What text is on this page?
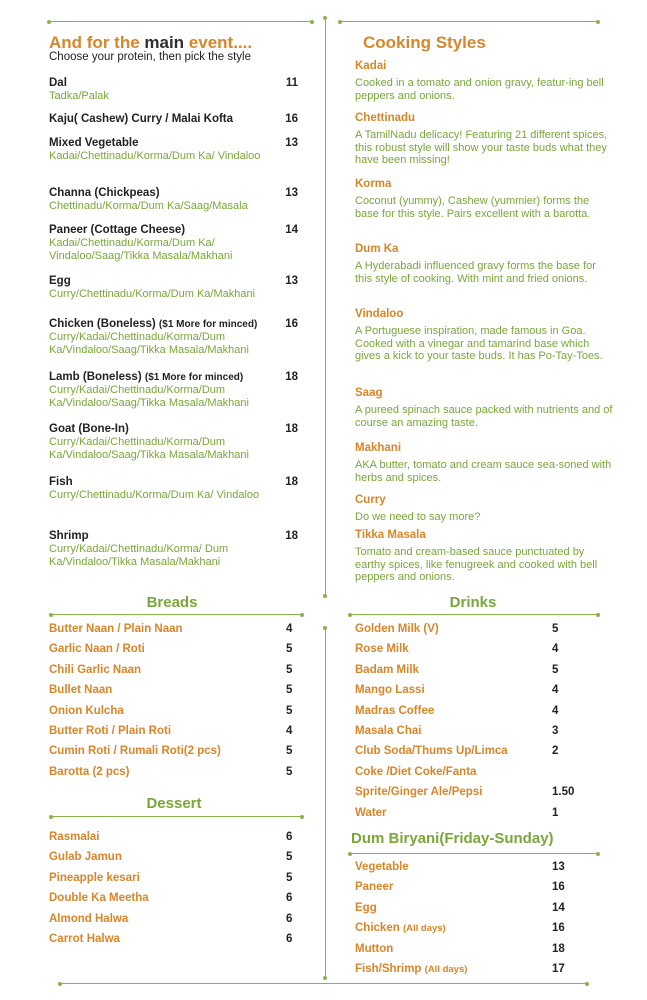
And for the main event....
Choose your protein, then pick the style
Dal	11
Tadka/Palak
Kaju( Cashew) Curry / Malai Kofta	16
Mixed Vegetable	13
Kadai/Chettinadu/Korma/Dum Ka/ Vindaloo
Channa (Chickpeas)	13
Chettinadu/Korma/Dum Ka/Saag/Masala
Paneer (Cottage Cheese)	14
Kadai/Chettinadu/Korma/Dum Ka/ Vindaloo/Saag/Tikka Masala/Makhani
Egg	13
Curry/Chettinadu/Korma/Dum Ka/Makhani
Chicken (Boneless) ($1 More for minced)	16
Curry/Kadai/Chettinadu/Korma/Dum Ka/Vindaloo/Saag/Tikka Masala/Makhani
Lamb (Boneless) ($1 More for minced)	18
Curry/Kadai/Chettinadu/Korma/Dum Ka/Vindaloo/Saag/Tikka Masala/Makhani
Goat (Bone-In)	18
Curry/Kadai/Chettinadu/Korma/Dum Ka/Vindaloo/Saag/Tikka Masala/Makhani
Fish	18
Curry/Chettinadu/Korma/Dum Ka/ Vindaloo
Shrimp	18
Curry/Kadai/Chettinadu/Korma/ Dum Ka/Vindaloo/Tikka Masala/Makhani
Cooking Styles
Kadai
Cooked in a tomato and onion gravy, featur-ing bell peppers and onions.
Chettinadu
A TamilNadu delicacy! Featuring 21 different spices, this robust style will show your taste buds what they have been missing!
Korma
Coconut (yummy), Cashew (yummier) forms the base for this style. Pairs excellent with a barotta.
Dum Ka
A Hyderabadi influenced gravy forms the base for this style of cooking. With mint and fried onions.
Vindaloo
A Portuguese inspiration, made famous in Goa. Cooked with a vinegar and tamarind base which gives a kick to your taste buds. It has Po-Tay-Toes.
Saag
A pureed spinach sauce packed with nutrients and of course an amazing taste.
Makhani
AKA butter, tomato and cream sauce sea-soned with herbs and spices.
Curry
Do we need to say more?
Tikka Masala
Tomato and cream-based sauce punctuated by earthy spices, like fenugreek and cooked with bell peppers and onions.
Breads
Butter Naan / Plain Naan	4
Garlic Naan / Roti	5
Chili Garlic Naan	5
Bullet Naan	5
Onion Kulcha	5
Butter Roti / Plain Roti	4
Cumin Roti / Rumali Roti(2 pcs)	5
Barotta (2 pcs)	5
Dessert
Rasmalai	6
Gulab Jamun	5
Pineapple kesari	5
Double Ka Meetha	6
Almond Halwa	6
Carrot Halwa	6
Drinks
Golden Milk (V)	5
Rose Milk	4
Badam Milk	5
Mango Lassi	4
Madras Coffee	4
Masala Chai	3
Club Soda/Thums Up/Limca	2
Coke /Diet Coke/Fanta
Sprite/Ginger Ale/Pepsi	1.50
Water	1
Dum Biryani(Friday-Sunday)
Vegetable	13
Paneer	16
Egg	14
Chicken (All days)	16
Mutton	18
Fish/Shrimp (All days)	17
